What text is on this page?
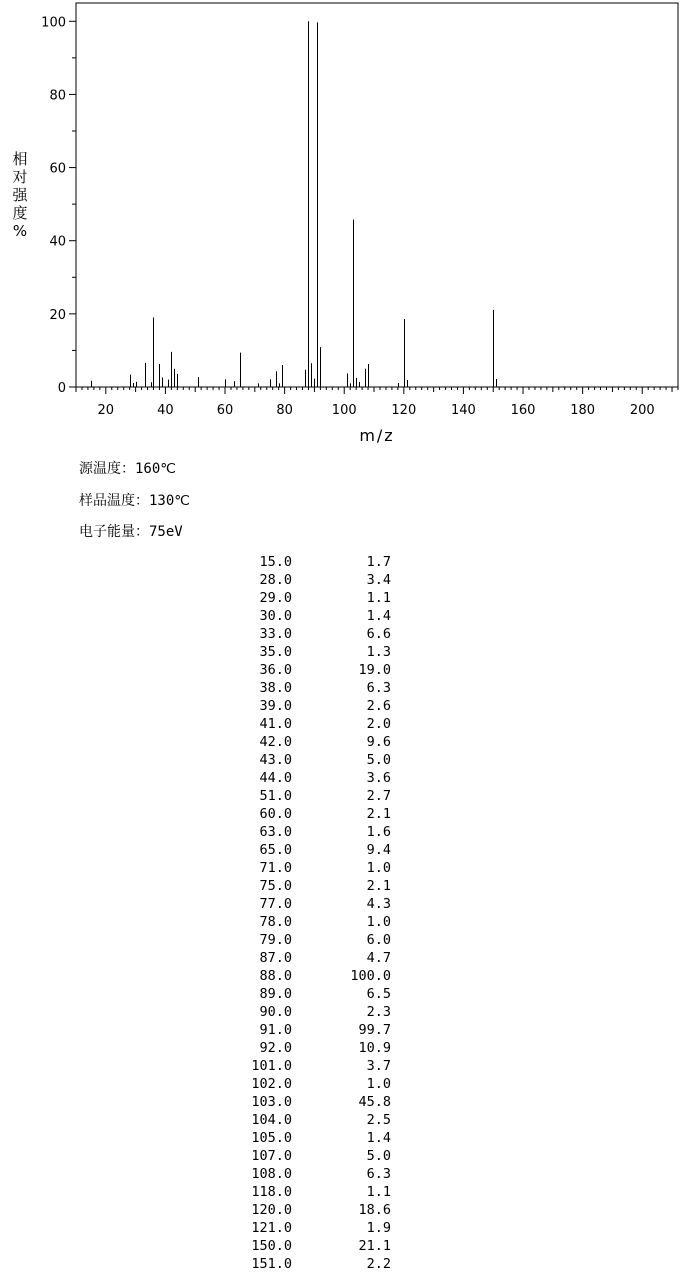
0
20
40
60
80
100
20	40	60	80	100	120	140	160	180	200
m/z
相
对
强
度
%
源温度：160℃
样品温度：130℃
电子能量：75eV
15.0	1.7
28.0	3.4
29.0	1.1
30.0	1.4
33.0	6.6
35.0	1.3
36.0	19.0
38.0	6.3
39.0	2.6
41.0	2.0
42.0	9.6
43.0	5.0
44.0	3.6
51.0	2.7
60.0	2.1
63.0	1.6
65.0	9.4
71.0	1.0
75.0	2.1
77.0	4.3
78.0	1.0
79.0	6.0
87.0	4.7
88.0	100.0
89.0	6.5
90.0	2.3
91.0	99.7
92.0	10.9
101.0	3.7
102.0	1.0
103.0	45.8
104.0	2.5
105.0	1.4
107.0	5.0
108.0	6.3
118.0	1.1
120.0	18.6
121.0	1.9
150.0	21.1
151.0	2.2
